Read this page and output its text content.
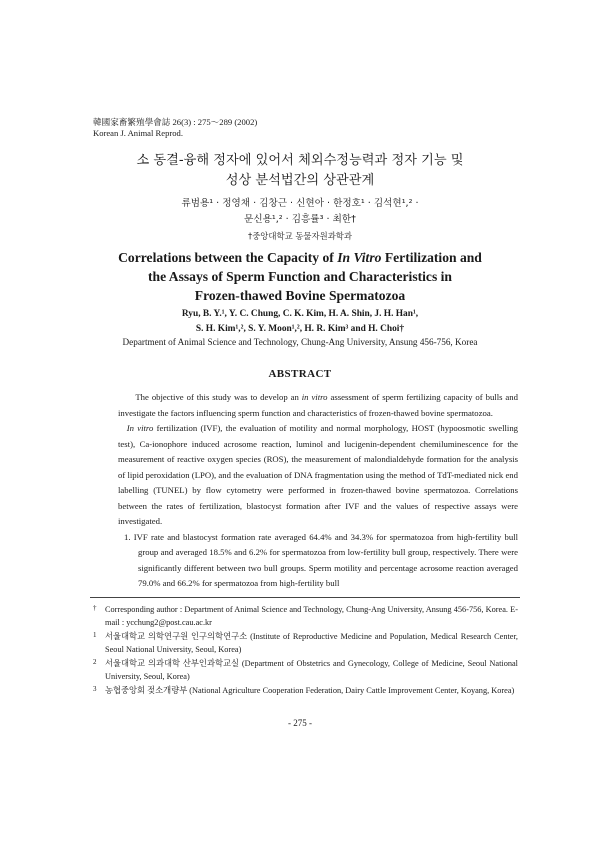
韓國家畜繁殖學會誌 26(3) : 275～289 (2002)
Korean J. Animal Reprod.
소 동결-융해 정자에 있어서 체외수정능력과 정자 기능 및
성상 분석법간의 상관관계
류범용¹ · 정영채 · 김창근 · 신현아 · 한정호¹ · 김석현¹,² ·
문신용¹,² · 김흥률³ · 최한†
†중앙대학교 동물자원과학과
Correlations between the Capacity of In Vitro Fertilization and
the Assays of Sperm Function and Characteristics in
Frozen-thawed Bovine Spermatozoa
Ryu, B. Y.¹, Y. C. Chung, C. K. Kim, H. A. Shin, J. H. Han¹,
S. H. Kim¹,², S. Y. Moon¹,², H. R. Kim³ and H. Choi†
Department of Animal Science and Technology, Chung-Ang University, Ansung 456-756, Korea
ABSTRACT
  The objective of this study was to develop an in vitro assessment of sperm fertilizing capacity of bulls and investigate the factors influencing sperm function and characteristics of frozen-thawed bovine spermatozoa.
 In vitro fertilization (IVF), the evaluation of motility and normal morphology, HOST (hypoosmotic swelling test), Ca-ionophore induced acrosome reaction, luminol and lucigenin-dependent chemiluminescence for the measurement of reactive oxygen species (ROS), the measurement of malondialdehyde formation for the analysis of lipid peroxidation (LPO), and the evaluation of DNA fragmentation using the method of TdT-mediated nick end labelling (TUNEL) by flow cytometry were performed in frozen-thawed bovine spermatozoa. Correlations between the rates of fertilization, blastocyst formation after IVF and the values of respective assays were investigated.
1. IVF rate and blastocyst formation rate averaged 64.4% and 34.3% for spermatozoa from high-fertility bull group and averaged 18.5% and 6.2% for spermatozoa from low-fertility bull group, respectively. There were significantly different between two bull groups. Sperm motility and percentage acrosome reaction averaged 79.0% and 66.2% for spermatozoa from high-fertility bull
† Corresponding author : Department of Animal Science and Technology, Chung-Ang University, Ansung 456-756, Korea. E-mail : ycchung2@post.cau.ac.kr
1 서울대학교 의학연구원 인구의학연구소 (Institute of Reproductive Medicine and Population, Medical Research Center, Seoul National University, Seoul, Korea)
2 서울대학교 의과대학 산부인과학교실 (Department of Obstetrics and Gynecology, College of Medicine, Seoul National University, Seoul, Korea)
3 농협중앙회 젖소개량부 (National Agriculture Cooperation Federation, Dairy Cattle Improvement Center, Koyang, Korea)
- 275 -
